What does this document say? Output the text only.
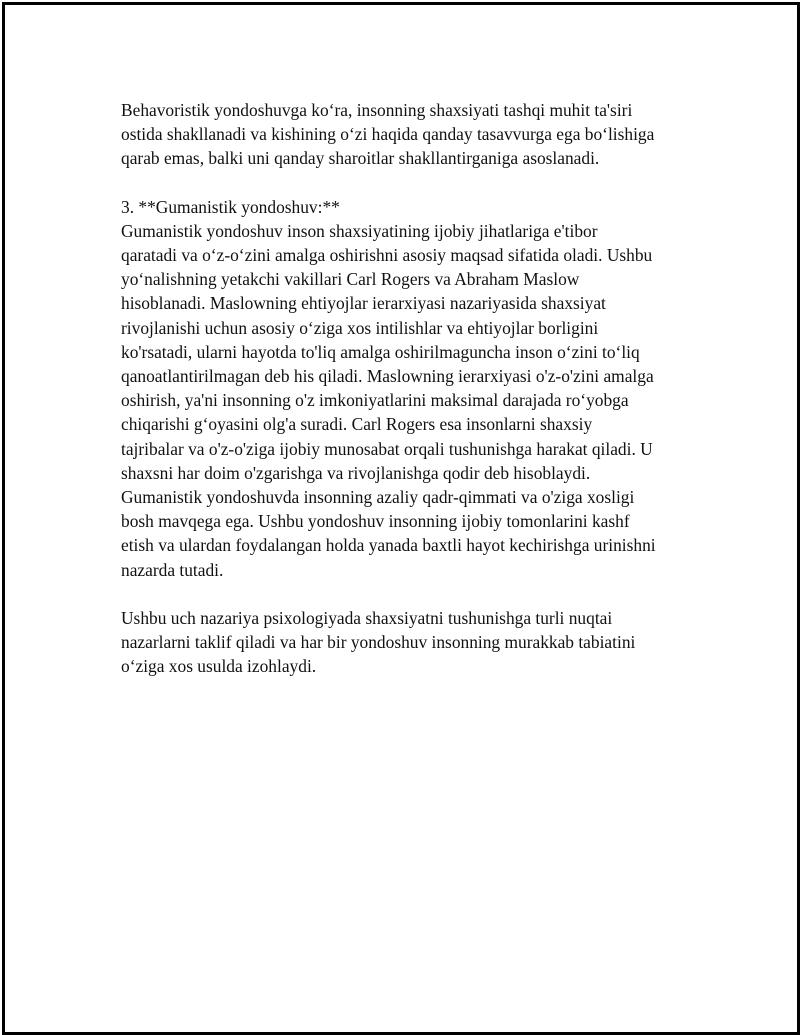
Behavoristik yondoshuvga ko‘ra, insonning shaxsiyati tashqi muhit ta'siri
ostida shakllanadi va kishining o‘zi haqida qanday tasavvurga ega bo‘lishiga
qarab emas, balki uni qanday sharoitlar shakllantirganiga asoslanadi.

3. **Gumanistik yondoshuv:**
Gumanistik yondoshuv inson shaxsiyatining ijobiy jihatlariga e'tibor
qaratadi va o‘z-o‘zini amalga oshirishni asosiy maqsad sifatida oladi. Ushbu
yo‘nalishning yetakchi vakillari Carl Rogers va Abraham Maslow
hisoblanadi. Maslowning ehtiyojlar ierarxiyasi nazariyasida shaxsiyat
rivojlanishi uchun asosiy o‘ziga xos intilishlar va ehtiyojlar borligini
ko'rsatadi, ularni hayotda to'liq amalga oshirilmaguncha inson o‘zini to‘liq
qanoatlantirilmagan deb his qiladi. Maslowning ierarxiyasi o'z-o'zini amalga
oshirish, ya'ni insonning o'z imkoniyatlarini maksimal darajada ro‘yobga
chiqarishi g‘oyasini olg'a suradi. Carl Rogers esa insonlarni shaxsiy
tajribalar va o'z-o'ziga ijobiy munosabat orqali tushunishga harakat qiladi. U
shaxsni har doim o'zgarishga va rivojlanishga qodir deb hisoblaydi.
Gumanistik yondoshuvda insonning azaliy qadr-qimmati va o'ziga xosligi
bosh mavqega ega. Ushbu yondoshuv insonning ijobiy tomonlarini kashf
etish va ulardan foydalangan holda yanada baxtli hayot kechirishga urinishni
nazarda tutadi.

Ushbu uch nazariya psixologiyada shaxsiyatni tushunishga turli nuqtai
nazarlarni taklif qiladi va har bir yondoshuv insonning murakkab tabiatini
o‘ziga xos usulda izohlaydi.
